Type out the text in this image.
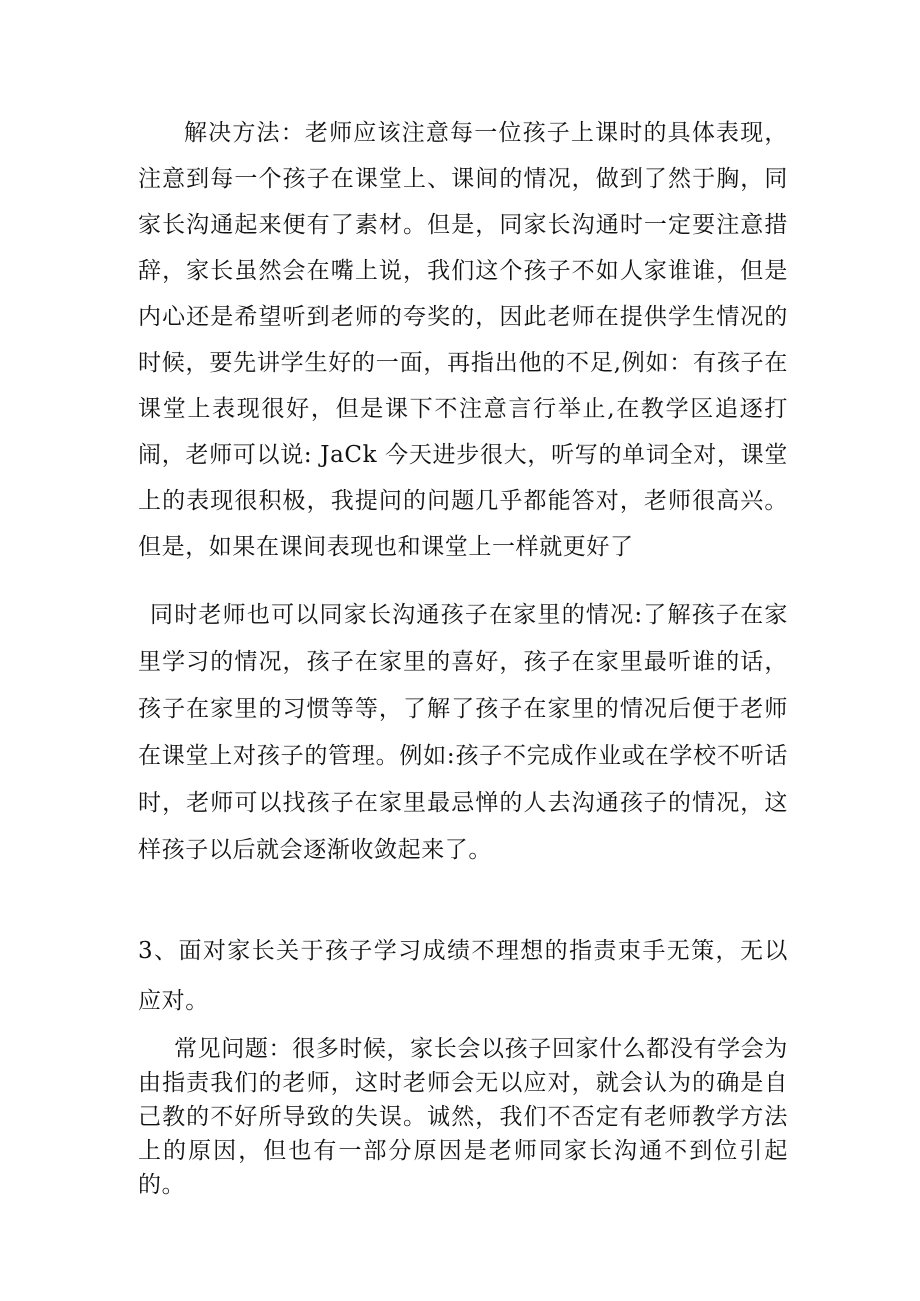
解决方法：老师应该注意每一位孩子上课时的具体表现，注意到每一个孩子在课堂上、课间的情况，做到了然于胸，同家长沟通起来便有了素材。但是，同家长沟通时一定要注意措辞，家长虽然会在嘴上说，我们这个孩子不如人家谁谁，但是内心还是希望听到老师的夸奖的，因此老师在提供学生情况的时候，要先讲学生好的一面，再指出他的不足,例如：有孩子在课堂上表现很好，但是课下不注意言行举止,在教学区追逐打闹，老师可以说: JaCk 今天进步很大，听写的单词全对，课堂上的表现很积极，我提问的问题几乎都能答对，老师很高兴。但是，如果在课间表现也和课堂上一样就更好了

同时老师也可以同家长沟通孩子在家里的情况:了解孩子在家里学习的情况，孩子在家里的喜好，孩子在家里最听谁的话，孩子在家里的习惯等等，了解了孩子在家里的情况后便于老师在课堂上对孩子的管理。例如:孩子不完成作业或在学校不听话时，老师可以找孩子在家里最忌惮的人去沟通孩子的情况，这样孩子以后就会逐渐收敛起来了。

3、面对家长关于孩子学习成绩不理想的指责束手无策，无以应对。

常见问题：很多时候，家长会以孩子回家什么都没有学会为由指责我们的老师，这时老师会无以应对，就会认为的确是自己教的不好所导致的失误。诚然，我们不否定有老师教学方法上的原因，但也有一部分原因是老师同家长沟通不到位引起的。
